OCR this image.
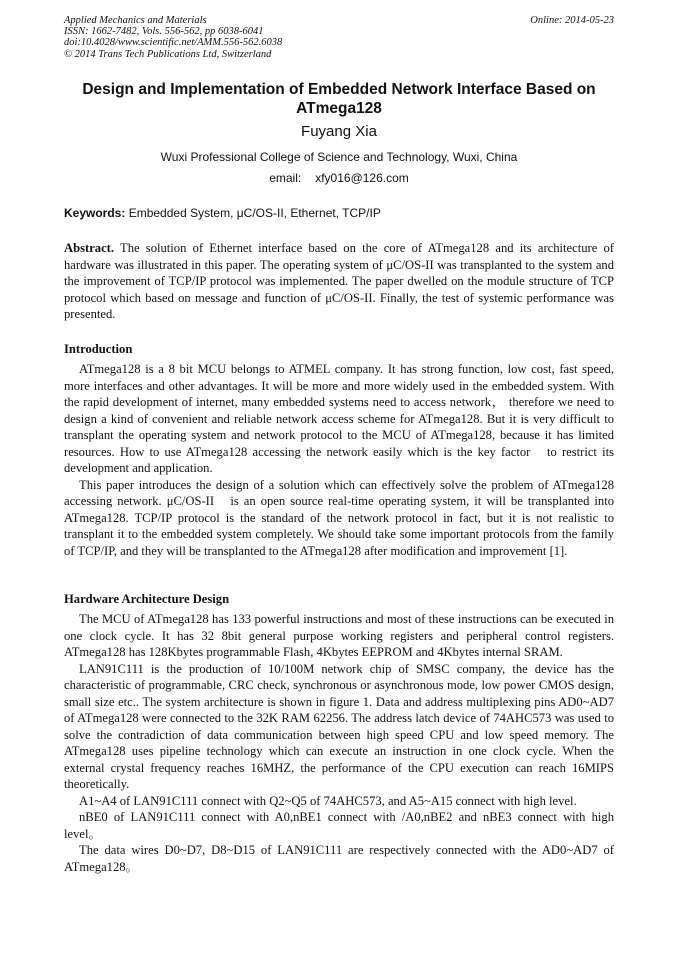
Applied Mechanics and Materials
ISSN: 1662-7482, Vols. 556-562, pp 6038-6041
doi:10.4028/www.scientific.net/AMM.556-562.6038
© 2014 Trans Tech Publications Ltd, Switzerland
Online: 2014-05-23
Design and Implementation of Embedded Network Interface Based on ATmega128
Fuyang Xia
Wuxi Professional College of Science and Technology, Wuxi, China
email: xfy016@126.com
Keywords: Embedded System, μC/OS-II, Ethernet, TCP/IP

Abstract. The solution of Ethernet interface based on the core of ATmega128 and its architecture of hardware was illustrated in this paper. The operating system of μC/OS-II was transplanted to the system and the improvement of TCP/IP protocol was implemented. The paper dwelled on the module structure of TCP protocol which based on message and function of μC/OS-II. Finally, the test of systemic performance was presented.

Introduction

ATmega128 is a 8 bit MCU belongs to ATMEL company. It has strong function, low cost, fast speed, more interfaces and other advantages. It will be more and more widely used in the embedded system. With the rapid development of internet, many embedded systems need to access network， therefore we need to design a kind of convenient and reliable network access scheme for ATmega128. But it is very difficult to transplant the operating system and network protocol to the MCU of ATmega128, because it has limited resources. How to use ATmega128 accessing the network easily which is the key factor　to restrict its development and application.

This paper introduces the design of a solution which can effectively solve the problem of ATmega128 accessing network. μC/OS-II　is an open source real-time operating system, it will be transplanted into ATmega128. TCP/IP protocol is the standard of the network protocol in fact, but it is not realistic to transplant it to the embedded system completely. We should take some important protocols from the family of TCP/IP, and they will be transplanted to the ATmega128 after modification and improvement [1].

Hardware Architecture Design

The MCU of ATmega128 has 133 powerful instructions and most of these instructions can be executed in one clock cycle. It has 32 8bit general purpose working registers and peripheral control registers. ATmega128 has 128Kbytes programmable Flash, 4Kbytes EEPROM and 4Kbytes internal SRAM.

LAN91C111 is the production of 10/100M network chip of SMSC company, the device has the characteristic of programmable, CRC check, synchronous or asynchronous mode, low power CMOS design, small size etc.. The system architecture is shown in figure 1. Data and address multiplexing pins AD0~AD7 of ATmega128 were connected to the 32K RAM 62256. The address latch device of 74AHC573 was used to solve the contradiction of data communication between high speed CPU and low speed memory. The ATmega128 uses pipeline technology which can execute an instruction in one clock cycle. When the external crystal frequency reaches 16MHZ, the performance of the CPU execution can reach 16MIPS theoretically.

A1~A4 of LAN91C111 connect with Q2~Q5 of 74AHC573, and A5~A15 connect with high level.

nBE0 of LAN91C111 connect with A0,nBE1 connect with /A0,nBE2 and nBE3 connect with high level。

The data wires D0~D7, D8~D15 of LAN91C111 are respectively connected with the AD0~AD7 of ATmega128。
